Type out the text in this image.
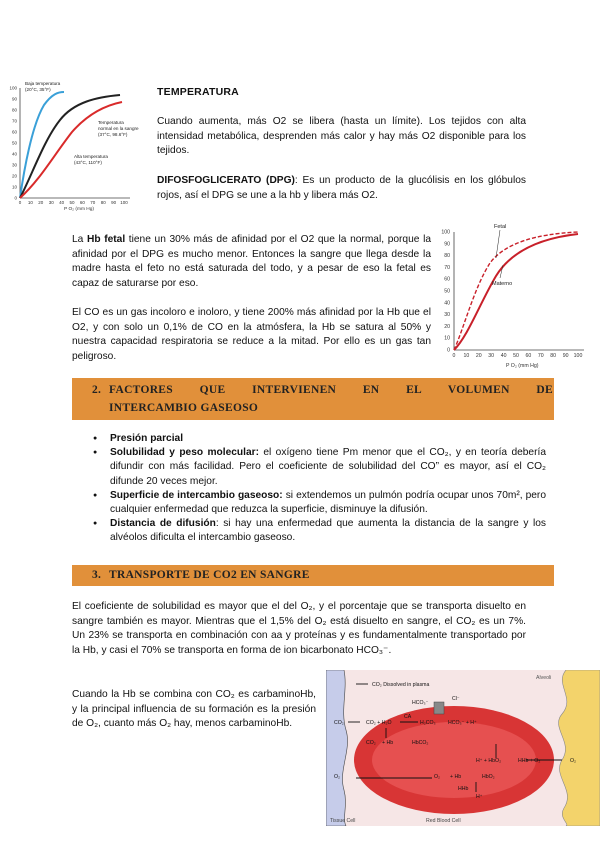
100
90
80
70
60
50
40
30
20
10
0
0 10 20 30 40 50 60 70 80 90 100
P O₂ (mm Hg)
Baja temperatura
(20°C, 35°F)
Temperatura
normal en la sangre
(37°C, 98.6°F)
Alta temperatura
(43°C, 110°F)
TEMPERATURA

Cuando aumenta, más O2 se libera (hasta un límite). Los tejidos con alta intensidad metabólica, desprenden más calor y hay más O2 disponible para los tejidos.

DIFOSFOGLICERATO (DPG): Es un producto de la glucólisis en los glóbulos rojos, así el DPG se une a la hb y libera más O2.

La Hb fetal tiene un 30% más de afinidad por el O2 que la normal, porque la afinidad por el DPG es mucho menor. Entonces la sangre que llega desde la madre hasta el feto no está saturada del todo, y a pesar de eso la fetal es capaz de saturarse por eso.

El CO es un gas incoloro e inoloro, y tiene 200% más afinidad por la Hb que el O2, y con solo un 0,1% de CO en la atmósfera, la Hb se satura al 50% y nuestra capacidad respiratoria se reduce a la mitad. Por ello es un gas tan peligroso.

100
90
80
70
60
50
40
30
20
10
0
0 10 20 30 40 50 60 70 80 90 100
P O₂ (mm Hg)
Fetal
Materno
2. FACTORES QUE INTERVIENEN EN EL VOLUMEN DE
INTERCAMBIO GASEOSO
● Presión parcial
● Solubilidad y peso molecular: el oxígeno tiene Pm menor que el CO₂, y en teoría debería difundir con más facilidad. Pero el coeficiente de solubilidad del CO” es mayor, así el CO₂ difunde 20 veces mejor.
● Superficie de intercambio gaseoso: si extendemos un pulmón podría ocupar unos 70m², pero cualquier enfermedad que reduzca la superficie, disminuye la difusión.
● Distancia de difusión: si hay una enfermedad que aumenta la distancia de la sangre y los alvéolos dificulta el intercambio gaseoso.
3. TRANSPORTE DE CO2 EN SANGRE

El coeficiente de solubilidad es mayor que el del O₂, y el porcentaje que se transporta disuelto en sangre también es mayor. Mientras que el 1,5% del O₂ está disuelto en sangre, el CO₂ es un 7%. Un 23% se transporta en combinación con aa y proteínas y es fundamentalmente transportado por la Hb, y casi el 70% se transporta en forma de ion bicarbonato HCO₃⁻.

Cuando la Hb se combina con CO₂ es carbaminoHb, y la principal influencia de su formación es la presión de O₂, cuanto más O₂ hay, menos carbaminoHb.

Alveoli
CO₂ Dissolved in plasma
HCO₃⁻
Cl⁻
CO₂	CO₂ + H₂O
CA
H₂CO₃ HCO₃⁻ + H⁺
CO₂ + Hb	HbCO₂
H⁺ + HbO₂	HHb + O₂
O₂	O₂ + Hb	HbO₂
HHb
H⁺
O₂
Tissue Cell	Red Blood Cell
